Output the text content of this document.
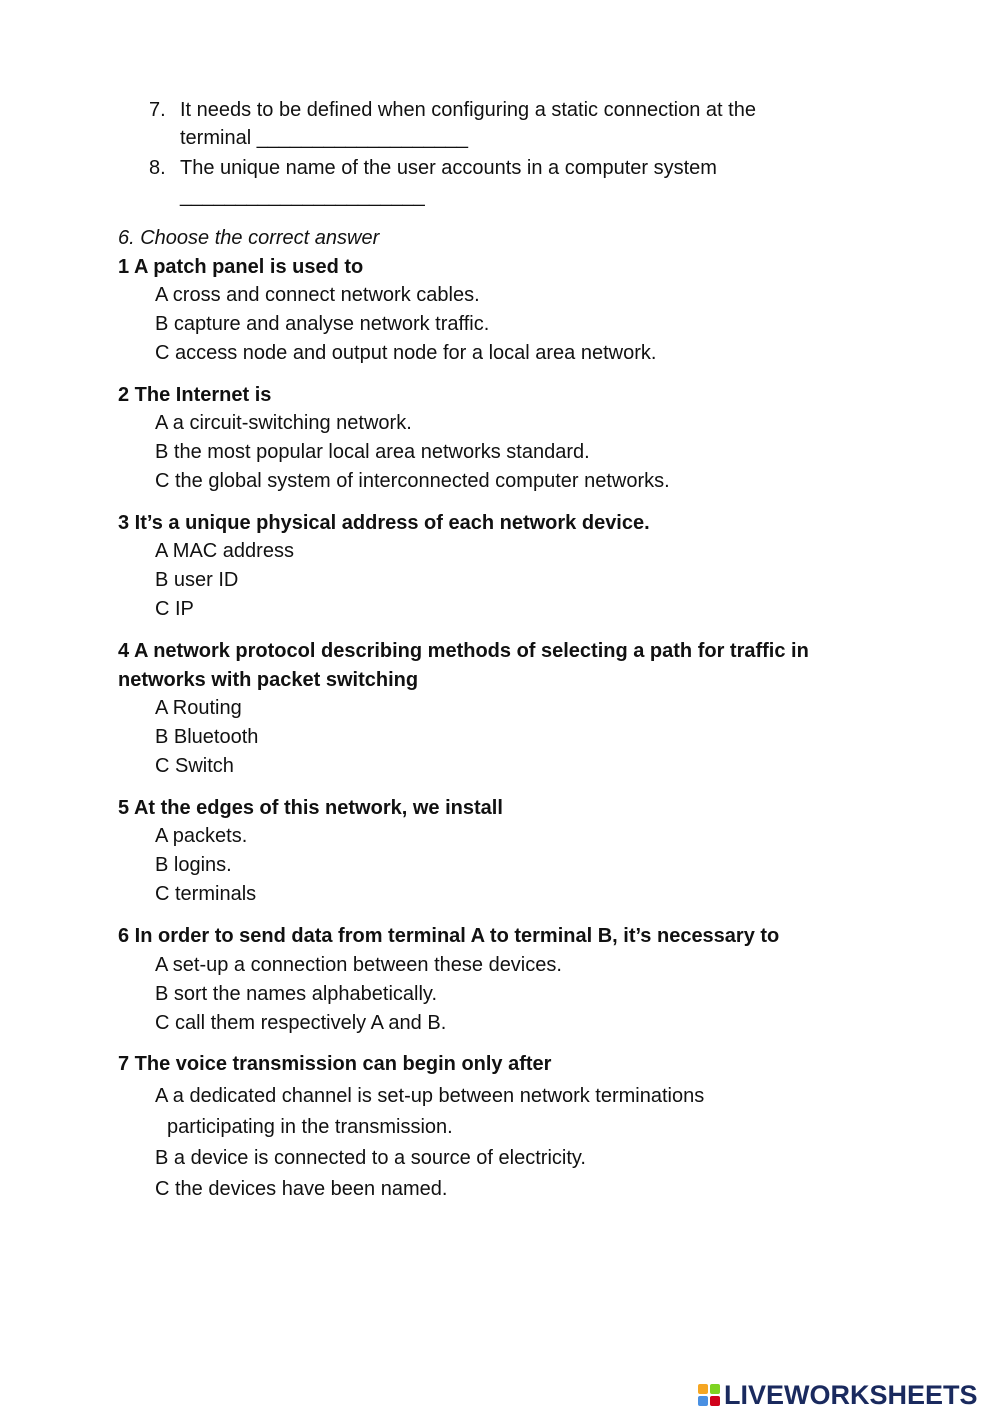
7. It needs to be defined when configuring a static connection at the
terminal ___________________
8. The unique name of the user accounts in a computer system
______________________
6. Choose the correct answer
1 A patch panel is used to
A cross and connect network cables.
B capture and analyse network traffic.
C access node and output node for a local area network.
2 The Internet is
A a circuit-switching network.
B the most popular local area networks standard.
C the global system of interconnected computer networks.
3 It’s a unique physical address of each network device.
A MAC address
B user ID
C IP
4 A network protocol describing methods of selecting a path for traffic in
networks with packet switching
A Routing
B Bluetooth
C Switch
5 At the edges of this network, we install
A packets.
B logins.
C terminals
6 In order to send data from terminal A to terminal B, it’s necessary to
A set-up a connection between these devices.
B sort the names alphabetically.
C call them respectively A and B.
7 The voice transmission can begin only after
A a dedicated channel is set-up between network terminations
participating in the transmission.
B a device is connected to a source of electricity.
C the devices have been named.
LIVEWORKSHEETS
